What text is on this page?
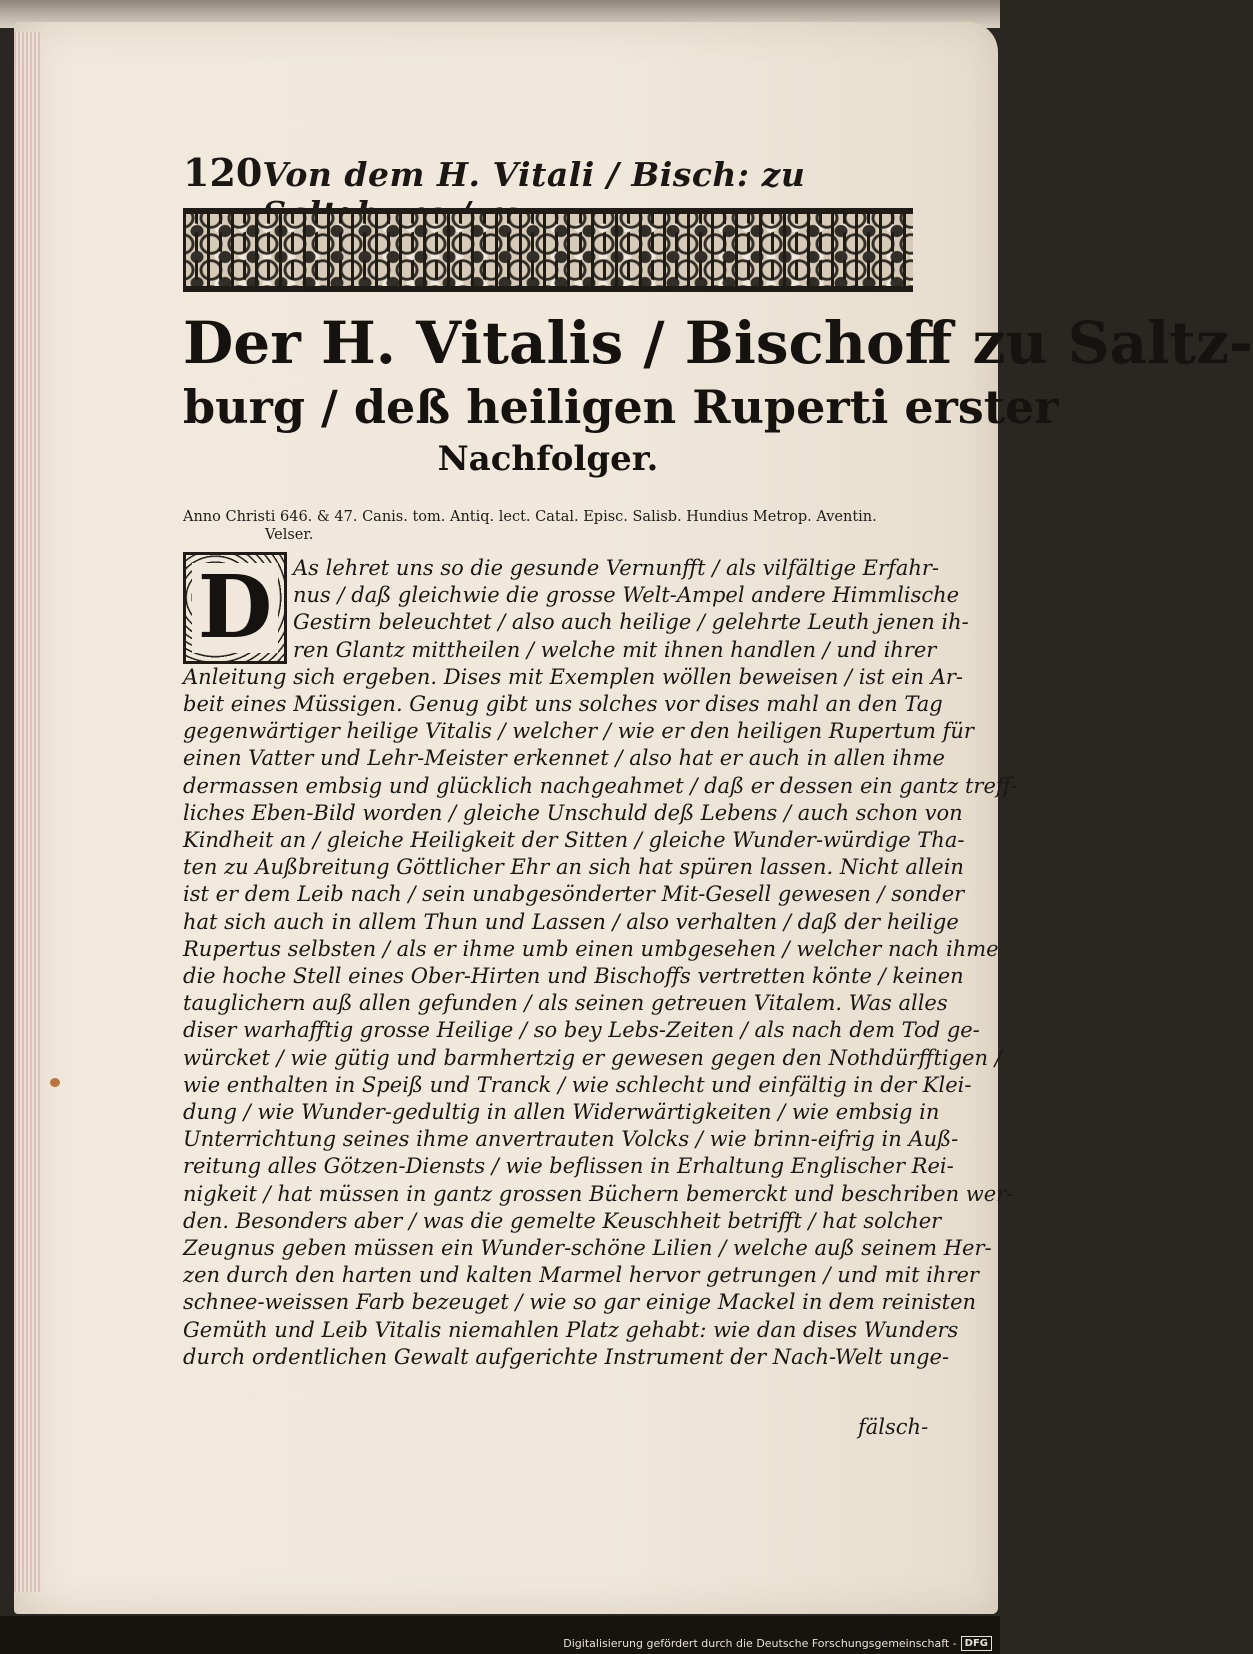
120 Von dem H. Vitali / Bisch: zu
Der H. Vitalis / Bischoff zu Saltz-
burg / deß heiligen Ruperti erster
Nachfolger.
Anno Christi 646. & 47. Canis. tom. Antiq. lect. Catal. Episc. Salisb. Hundius Metrop. Aventin.
Velser.
D As lehret uns so die gesunde Vernunfft / als vilfältige Erfahr-
nus / daß gleichwie die grosse Welt-Ampel andere Himmlische
Gestirn beleuchtet / also auch heilige / gelehrte Leuth jenen ih-
ren Glantz mittheilen / welche mit ihnen handlen / und ihrer
Anleitung sich ergeben. Dises mit Exemplen wöllen beweisen / ist ein Ar-
beit eines Müssigen. Genug gibt uns solches vor dises mahl an den Tag
gegenwärtiger heilige Vitalis / welcher / wie er den heiligen Rupertum für
einen Vatter und Lehr-Meister erkennet / also hat er auch in allen ihme
dermassen embsig und glücklich nachgeahmet / daß er dessen ein gantz treff-
liches Eben-Bild worden / gleiche Unschuld deß Lebens / auch schon von
Kindheit an / gleiche Heiligkeit der Sitten / gleiche Wunder-würdige Tha-
ten zu Außbreitung Göttlicher Ehr an sich hat spüren lassen. Nicht allein
ist er dem Leib nach / sein unabgesönderter Mit-Gesell gewesen / sonder
hat sich auch in allem Thun und Lassen / also verhalten / daß der heilige
Rupertus selbsten / als er ihme umb einen umbgesehen / welcher nach ihme
die hoche Stell eines Ober-Hirten und Bischoffs vertretten könte / keinen
tauglichern auß allen gefunden / als seinen getreuen Vitalem. Was alles
diser warhafftig grosse Heilige / so bey Lebs-Zeiten / als nach dem Tod ge-
würcket / wie gütig und barmhertzig er gewesen gegen den Nothdürfftigen /
wie enthalten in Speiß und Tranck / wie schlecht und einfältig in der Klei-
dung / wie Wunder-gedultig in allen Widerwärtigkeiten / wie embsig in
Unterrichtung seines ihme anvertrauten Volcks / wie brinn-eifrig in Auß-
reitung alles Götzen-Diensts / wie beflissen in Erhaltung Englischer Rei-
nigkeit / hat müssen in gantz grossen Büchern bemerckt und beschriben wer-
den. Besonders aber / was die gemelte Keuschheit betrifft / hat solcher
Zeugnus geben müssen ein Wunder-schöne Lilien / welche auß seinem Her-
zen durch den harten und kalten Marmel hervor getrungen / und mit ihrer
schnee-weissen Farb bezeuget / wie so gar einige Mackel in dem reinisten
Gemüth und Leib Vitalis niemahlen Platz gehabt: wie dan dises Wunders
durch ordentlichen Gewalt aufgerichte Instrument der Nach-Welt unge-
fälsch-
Digitalisierung gefördert durch die Deutsche Forschungsgemeinschaft - DFG
